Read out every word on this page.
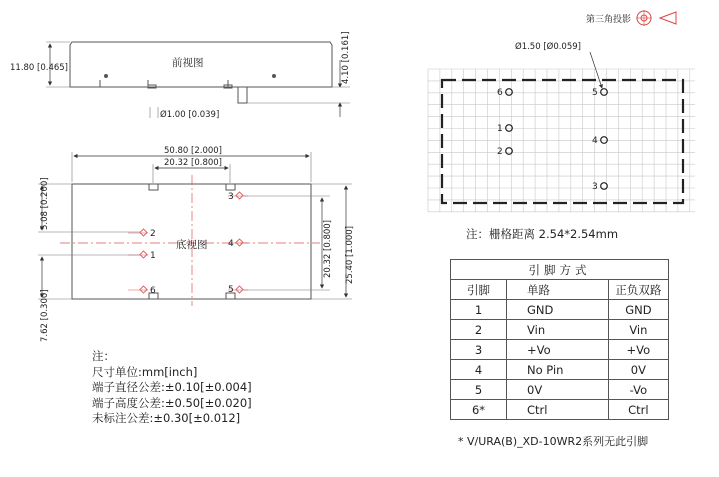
第三角投影
前视图
11.80 [0.465]	4.10 [0.161]
Ø1.00 [0.039]
1
2
3
4
5
6
底视图
50.80 [2.000]
20.32 [0.800]
25.40 [1.000]
20.32 [0.800]
5.08 [0.200]
7.62 [0.300]
1
2
3
4
5
6
Ø1.50 [Ø0.059]
注：栅格距离 2.54*2.54mm
注：
尺寸单位:mm[inch]
端子直径公差:±0.10[±0.004]
端子高度公差:±0.50[±0.020]
未标注公差:±0.30[±0.012]
引脚方式		
引脚	单路	正负双路
1	GND	GND
2	Vin	Vin
3	+Vo	+Vo
4	No Pin	0V
5	0V	-Vo
6*	Ctrl	Ctrl
* V/URA(B)_XD-10WR2系列无此引脚
